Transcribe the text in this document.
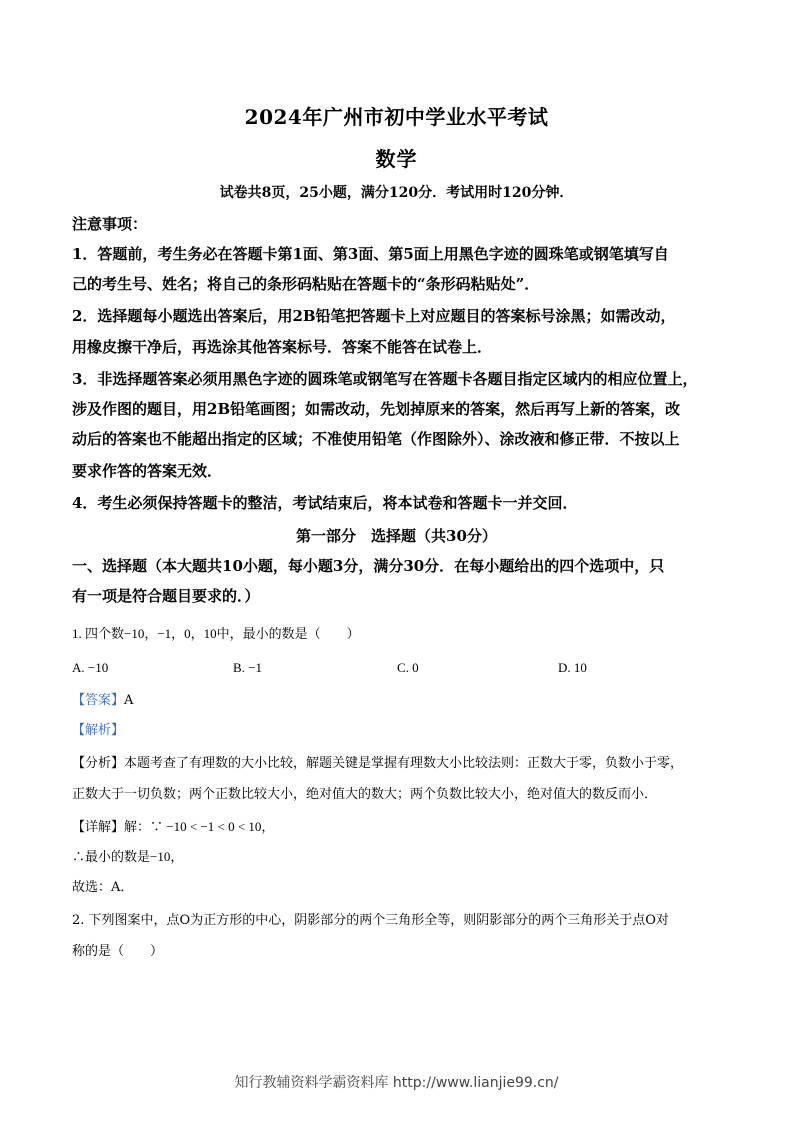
2024年广州市初中学业水平考试
数学
试卷共8页，25小题，满分120分．考试用时120分钟．
注意事项：
1．答题前，考生务必在答题卡第1面、第3面、第5面上用黑色字迹的圆珠笔或钢笔填写自
己的考生号、姓名；将自己的条形码粘贴在答题卡的“条形码粘贴处”．
2．选择题每小题选出答案后，用2B铅笔把答题卡上对应题目的答案标号涂黑；如需改动，
用橡皮擦干净后，再选涂其他答案标号．答案不能答在试卷上．
3．非选择题答案必须用黑色字迹的圆珠笔或钢笔写在答题卡各题目指定区域内的相应位置上，
涉及作图的题目，用2B铅笔画图；如需改动，先划掉原来的答案，然后再写上新的答案，改
动后的答案也不能超出指定的区域；不准使用铅笔（作图除外）、涂改液和修正带．不按以上
要求作答的答案无效．
4．考生必须保持答题卡的整洁，考试结束后，将本试卷和答题卡一并交回．
第一部分　选择题（共30分）
一、选择题（本大题共10小题，每小题3分，满分30分．在每小题给出的四个选项中，只
有一项是符合题目要求的．）
1. 四个数−10，−1，0，10中，最小的数是（　　）
A. −10	B. −1	C. 0	D. 10
【答案】A
【解析】
【分析】本题考查了有理数的大小比较，解题关键是掌握有理数大小比较法则：正数大于零，负数小于零，
正数大于一切负数；两个正数比较大小，绝对值大的数大；两个负数比较大小，绝对值大的数反而小．
【详解】解：∵ −10 < −1 < 0 < 10，
∴最小的数是−10，
故选：A．
2. 下列图案中，点O为正方形的中心，阴影部分的两个三角形全等，则阴影部分的两个三角形关于点O对
称的是（　　）
知行教辅资料学霸资料库 http://www.lianjie99.cn/
